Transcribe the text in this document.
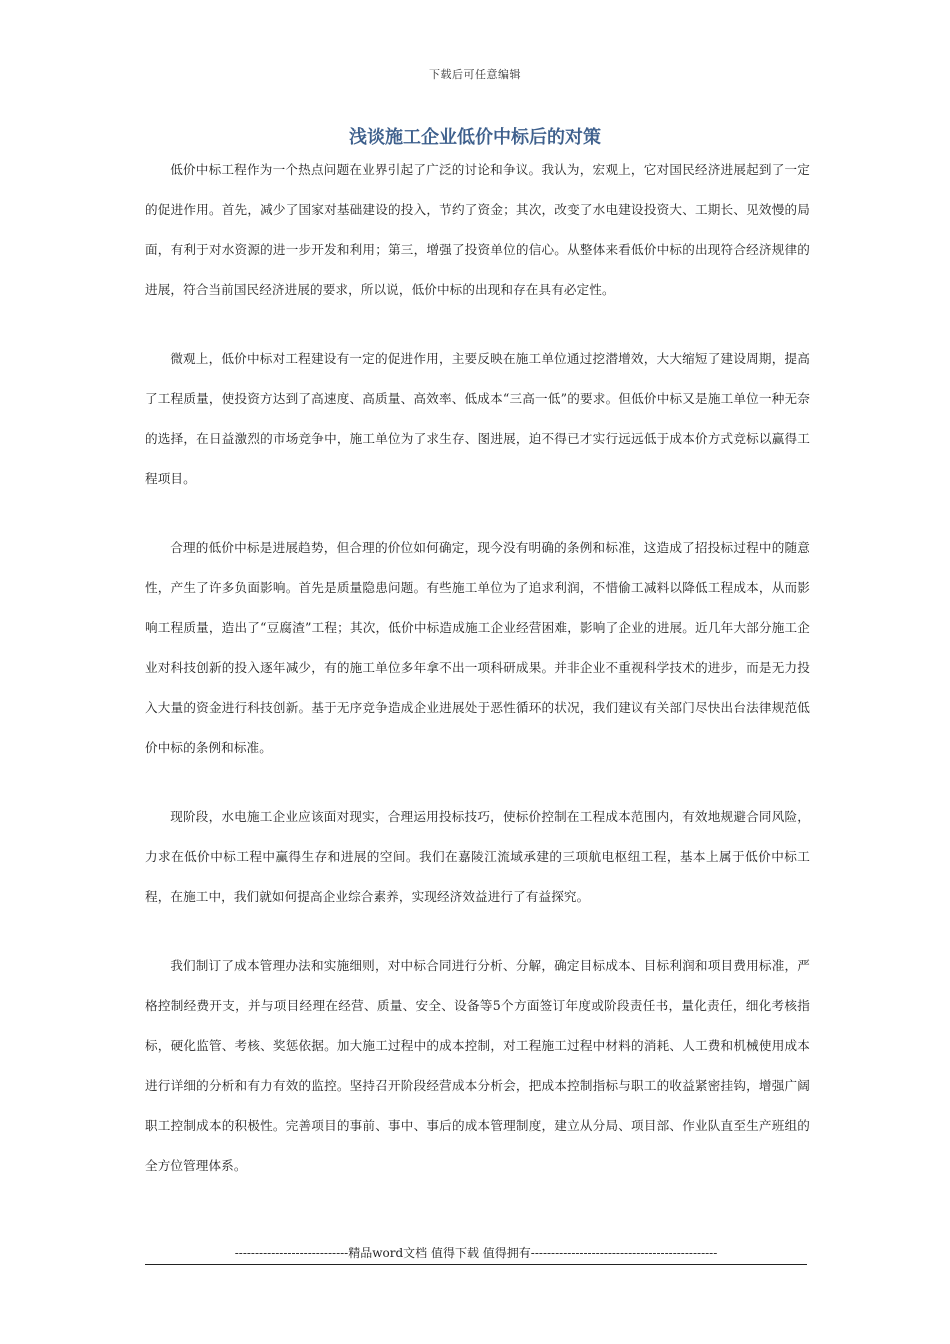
下载后可任意编辑
浅谈施工企业低价中标后的对策

低价中标工程作为一个热点问题在业界引起了广泛的讨论和争议。我认为，宏观上，它对国民经济进展起到了一定的促进作用。首先，减少了国家对基础建设的投入，节约了资金；其次，改变了水电建设投资大、工期长、见效慢的局面，有利于对水资源的进一步开发和利用；第三，增强了投资单位的信心。从整体来看低价中标的出现符合经济规律的进展，符合当前国民经济进展的要求，所以说，低价中标的出现和存在具有必定性。

微观上，低价中标对工程建设有一定的促进作用，主要反映在施工单位通过挖潜增效，大大缩短了建设周期，提高了工程质量，使投资方达到了高速度、高质量、高效率、低成本“三高一低”的要求。但低价中标又是施工单位一种无奈的选择，在日益激烈的市场竞争中，施工单位为了求生存、图进展，迫不得已才实行远远低于成本价方式竞标以赢得工程项目。

合理的低价中标是进展趋势，但合理的价位如何确定，现今没有明确的条例和标准，这造成了招投标过程中的随意性，产生了许多负面影响。首先是质量隐患问题。有些施工单位为了追求利润，不惜偷工减料以降低工程成本，从而影响工程质量，造出了“豆腐渣”工程；其次，低价中标造成施工企业经营困难，影响了企业的进展。近几年大部分施工企业对科技创新的投入逐年减少，有的施工单位多年拿不出一项科研成果。并非企业不重视科学技术的进步，而是无力投入大量的资金进行科技创新。基于无序竞争造成企业进展处于恶性循环的状况，我们建议有关部门尽快出台法律规范低价中标的条例和标准。

现阶段，水电施工企业应该面对现实，合理运用投标技巧，使标价控制在工程成本范围内，有效地规避合同风险，力求在低价中标工程中赢得生存和进展的空间。我们在嘉陵江流域承建的三项航电枢纽工程，基本上属于低价中标工程，在施工中，我们就如何提高企业综合素养，实现经济效益进行了有益探究。

我们制订了成本管理办法和实施细则，对中标合同进行分析、分解，确定目标成本、目标利润和项目费用标准，严格控制经费开支，并与项目经理在经营、质量、安全、设备等5个方面签订年度或阶段责任书，量化责任，细化考核指标，硬化监管、考核、奖惩依据。加大施工过程中的成本控制，对工程施工过程中材料的消耗、人工费和机械使用成本 进行详细的分析和有力有效的监控。坚持召开阶段经营成本分析会，把成本控制指标与职工的收益紧密挂钩，增强广阔职工控制成本的积极性。完善项目的事前、事中、事后的成本管理制度，建立从分局、项目部、作业队直至生产班组的全方位管理体系。

----------------------------精品word文档 值得下载 值得拥有----------------------------------------------
